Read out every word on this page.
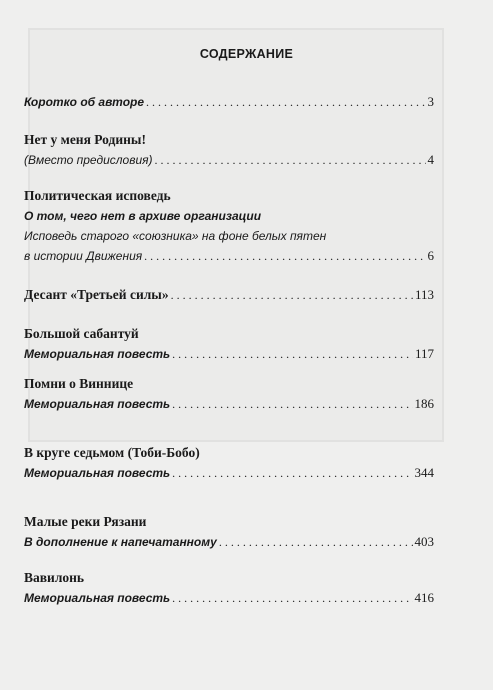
СОДЕРЖАНИЕ
Коротко об авторе . . .	3
Нет у меня Родины!
(Вместо предисловия) . . .	4
Политическая исповедь
О том, чего нет в архиве организации
Исповедь старого «союзника» на фоне белых пятен
в истории Движения . . .	6
Десант «Третьей силы» . . .	113
Большой сабантуй
Мемориальная повесть . . .	117
Помни о Виннице
Мемориальная повесть . . .	186
В круге седьмом (Тоби-Бобо)
Мемориальная повесть . . .	344
Малые реки Рязани
В дополнение к напечатанному . . .	403
Вавилонь
Мемориальная повесть . . .	416
